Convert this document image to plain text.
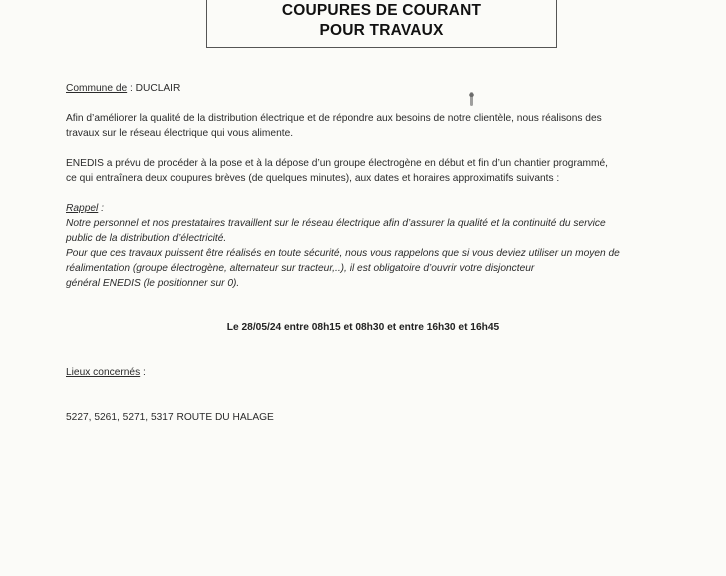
COUPURES DE COURANT
POUR TRAVAUX
Commune de : DUCLAIR
Afin d’améliorer la qualité de la distribution électrique et de répondre aux besoins de notre clientèle, nous réalisons des
travaux sur le réseau électrique qui vous alimente.
ENEDIS a prévu de procéder à la pose et à la dépose d’un groupe électrogène en début et fin d’un chantier programmé,
ce qui entraînera deux coupures brèves (de quelques minutes), aux dates et horaires approximatifs suivants :
Rappel :
Notre personnel et nos prestataires travaillent sur le réseau électrique afin d’assurer la qualité et la continuité du service
public de la distribution d’électricité.
Pour que ces travaux puissent être réalisés en toute sécurité, nous vous rappelons que si vous deviez utiliser un moyen de
réalimentation (groupe électrogène, alternateur sur tracteur,..), il est obligatoire d’ouvrir votre disjoncteur
général ENEDIS (le positionner sur 0).
Le 28/05/24 entre 08h15 et 08h30 et entre 16h30 et 16h45
Lieux concernés :
5227, 5261, 5271, 5317 ROUTE DU HALAGE
